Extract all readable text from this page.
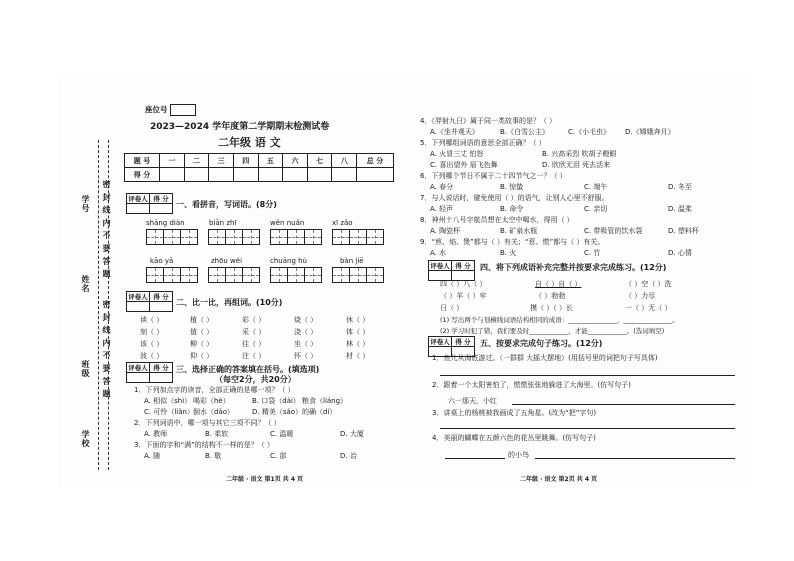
密 封 线 内 不 要 答 题
密 封 线 内 不 要 答 题
学校
班级
姓名
学号
座位号
2023—2024 学年度第二学期期末检测试卷
二年级 语 文
题 号	一	二	三	四	五	六	七	八	总 分
得 分									
评卷人	得 分

一、看拼音，写词语。(8分)
shāng diàn	biān zhī	wěn nuǎn	xī zǎo
kāo yā	zhōu wéi	chuāng hù	bàn jiē
评卷人	得 分

二、比一比，再组词。(10分)
读（ ）	植（ ）	彩（ ）	烧（ ）	休（ ）
刻（ ）	值（ ）	采（ ）	浇（ ）	体（ ）
该（ ）	柳（ ）	往（ ）	坐（ ）	林（ ）
波（ ）	仰（ ）	注（ ）	怀（ ）	材（ ）
评卷人	得 分
	三、选择正确的答案填在括号。(填选项)
（每空2分，共20分）
1．下列加点字的读音，全部正确的是哪一项？（ ）
A. 相似（shì） 喝彩（hè）	B. 口袋（dài） 粮食（liáng）
C. 可怜（liǎn） 倒水（dǎo）	D. 精美（sǎo） 的确（dí）
2．下列词语中，哪一项与其它三项不同？（ ）
A. 教师	B. 柔软	C. 温暖	D. 大厦
3．下面的字和“满”的结构不一样的是？（ ）
A. 随	B. 敬	C. 部	D. 治
二年级 · 语文 第1页 共 4 页
4．《羿射九日》属于同一类故事的是？（ ）
A.《坐井观天》	B.《白雪公主》	C.《小毛虫》 D.《嫦娥奔月》
5．下列哪组词语的意思全部正确？（ ）
A. 火冒三丈 怕怒	B. 兴高采烈 吹胡子瞪眼
C. 喜出望外 眉飞色舞	D. 欣欣无泪 死去活来
6．下列哪个节日不属于二十四节气之一？（ ）
A. 春分	B. 惊蛰	C. 端午	D. 冬至
7．与人说话时，避免使用（ ）的语气，让别人心里不舒服。
A. 轻声	B. 命令	C. 亲切	D. 温柔
8．神州十八号宇航员想在太空中喝水，得用（ ）
A. 陶瓷杯	B. 矿泉水瓶	C. 带吸管的饮水袋	D. 塑料杯
9．“煎、焰、煲”都与（ ）有关；“惹、慌”都与（ ）有关。
A. 水	B. 火	C. 竹	D. 心情
评卷人	得 分
	四、将下列成语补充完整并按要求完成练习。(12分)
四（ ）八（ ）	自（ ）自（ ）	（ ）空（ ）洗
（ ）羊（ ）牢	（ ）勃勃	（ ）力尽
日（ ）	摸（ ）（ ）长	一（ ）无（ ）
(1) 写出两个与划横线词语结构相同的成语：_______________，_______________。
(2) 学习时犯了错，我们要及时____________，才能____________。(选词填空)
评卷人	得 分
	五、按要求完成句子练习。(12分)
1．鱼儿从海底游过。（一群群 大摇大摆地）(用括号里的词把句子写具体)
2．跟着一个太阳害怕了，慌慌张张地躲进了大海里。(仿写句子)
六一那天，小红
3．讲桌上的杨桃被我画成了五角星。(改为“把”字句)
4．美丽的蝴蝶在五颜六色的花丛里跳舞。(仿写句子)
的小鸟
二年级 · 语文 第2页 共 4 页
